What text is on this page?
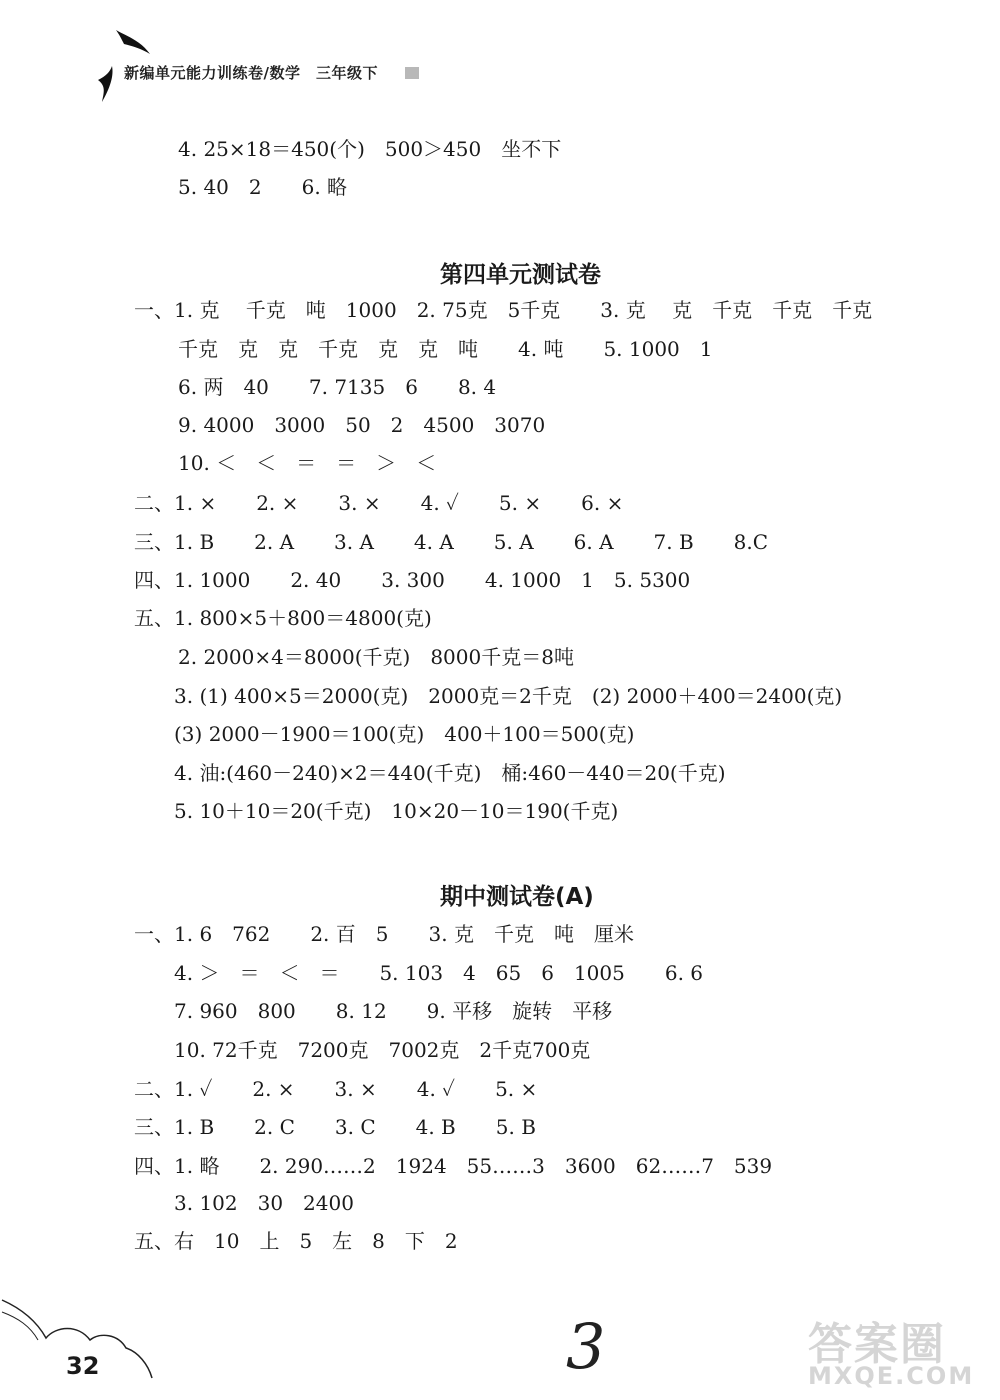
新编单元能力训练卷/数学　三年级下
4. 25×18＝450(个)　500＞450　坐不下
5. 40　2　　6. 略
第四单元测试卷
一、1. 克　 千克　吨　1000　2. 75克　5千克　　3. 克　 克　千克　千克　千克
千克　克　克　千克　克　克　吨　　4. 吨　　5. 1000　1
6. 两　40　　7. 7135　6　　8. 4
9. 4000　3000　50　2　4500　3070
10. ＜　＜　＝　＝　＞　＜
二、1. ×　　2. ×　　3. ×　　4. ✓　　5. ×　　6. ×
三、1. B　　2. A　　3. A　　4. A　　5. A　　6. A　　7. B　　8.C
四、1. 1000　　2. 40　　3. 300　　4. 1000　1　5. 5300
五、1. 800×5＋800＝4800(克)
2. 2000×4＝8000(千克)　8000千克＝8吨
3. (1) 400×5＝2000(克)　2000克＝2千克　(2) 2000＋400＝2400(克)
(3) 2000－1900＝100(克)　400＋100＝500(克)
4. 油:(460－240)×2＝440(千克)　桶:460－440＝20(千克)
5. 10＋10＝20(千克)　10×20－10＝190(千克)
期中测试卷(A)
一、1. 6　762　　2. 百　5　　3. 克　千克　吨　厘米
4. ＞　＝　＜　＝　　5. 103　4　65　6　1005　　6. 6
7. 960　800　　8. 12　　9. 平移　旋转　平移
10. 72千克　7200克　7002克　2千克700克
二、1. ✓　　2. ×　　3. ×　　4. ✓　　5. ×
三、1. B　　2. C　　3. C　　4. B　　5. B
四、1. 略　　2. 290……2　1924　55……3　3600　62……7　539
3. 102　30　2400
五、右　10　上　5　左　8　下　2
32	3	答案圈
MXQE.COM
